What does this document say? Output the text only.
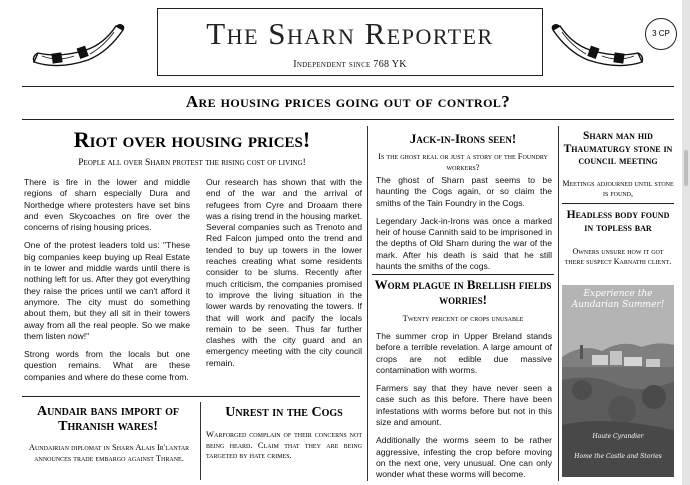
The Sharn Reporter
Independent since 768 YK
3 CP
Are housing prices going out of control?
Riot over housing prices!
People all over Sharn protest the rising cost of living!

There is fire in the lower and middle regions of sharn especially Dura and Northedge where protesters have set bins and even Skycoaches on fire over the concerns of rising housing prices.

One of the protest leaders told us: "These big companies keep buying up Real Estate in te lower and middle wards until there is nothing left for us. After they got everything they raise the prices until we can't afford it anymore. The city must do something about them, but they all sit in their towers away from all the real people. So we make them listen now!"

Strong words from the locals but one question remains. What are these companies and where do these come from.

Our research has shown that with the end of the war and the arrival of refugees from Cyre and Droaam there was a rising trend in the housing market. Several companies such as Trenoto and Red Falcon jumped onto the trend and tended to buy up towers in the lower reaches creating what some residents consider to be slums. Recently after much criticism, the companies promised to improve the living situation in the lower wards by renovating the towers. If that will work and pacify the locals remain to be seen. Thus far further clashes with the city guard and an emergency meeting with the city council remain.

Aundair bans import of Thranish wares!
Aundairian diplomat in Sharn Alais Ir'lantar announces trade embargo against Thrane.
Unrest in the Cogs
Warforged complain of their concerns not being heard. Claim that they are being targeted by hate crimes.
Jack-in-Irons seen!
Is the ghost real or just a story of the Foundry workers?

The ghost of Sharn past seems to be haunting the Cogs again, or so claim the smiths of the Tain Foundry in the Cogs.

Legendary Jack-in-Irons was once a marked heir of house Cannith said to be imprisoned in the depths of Old Sharn during the war of the mark. After his death is said that he still haunts the smiths of the cogs.

Worm plague in Brellish fields worries!
Twenty percent of crops unusable

The summer crop in Upper Breland stands before a terrible revelation. A large amount of crops are not edible due massive contamination with worms.

Farmers say that they have never seen a case such as this before. There have been infestations with worms before but not in this size and amount.

Additionally the worms seem to be rather aggressive, infesting the crop before moving on the next one, very unusual. One can only wonder what these worms will become.

Sharn man hid Thaumaturgy stone in council meeting
Meetings adjourned until stone is found,
Headless body found in topless bar
Owners unsure how it got there suspect Karnathi client.
Experience the
Aundarian Summer!
Haute Cyrandier
Home the Castle and Stories
